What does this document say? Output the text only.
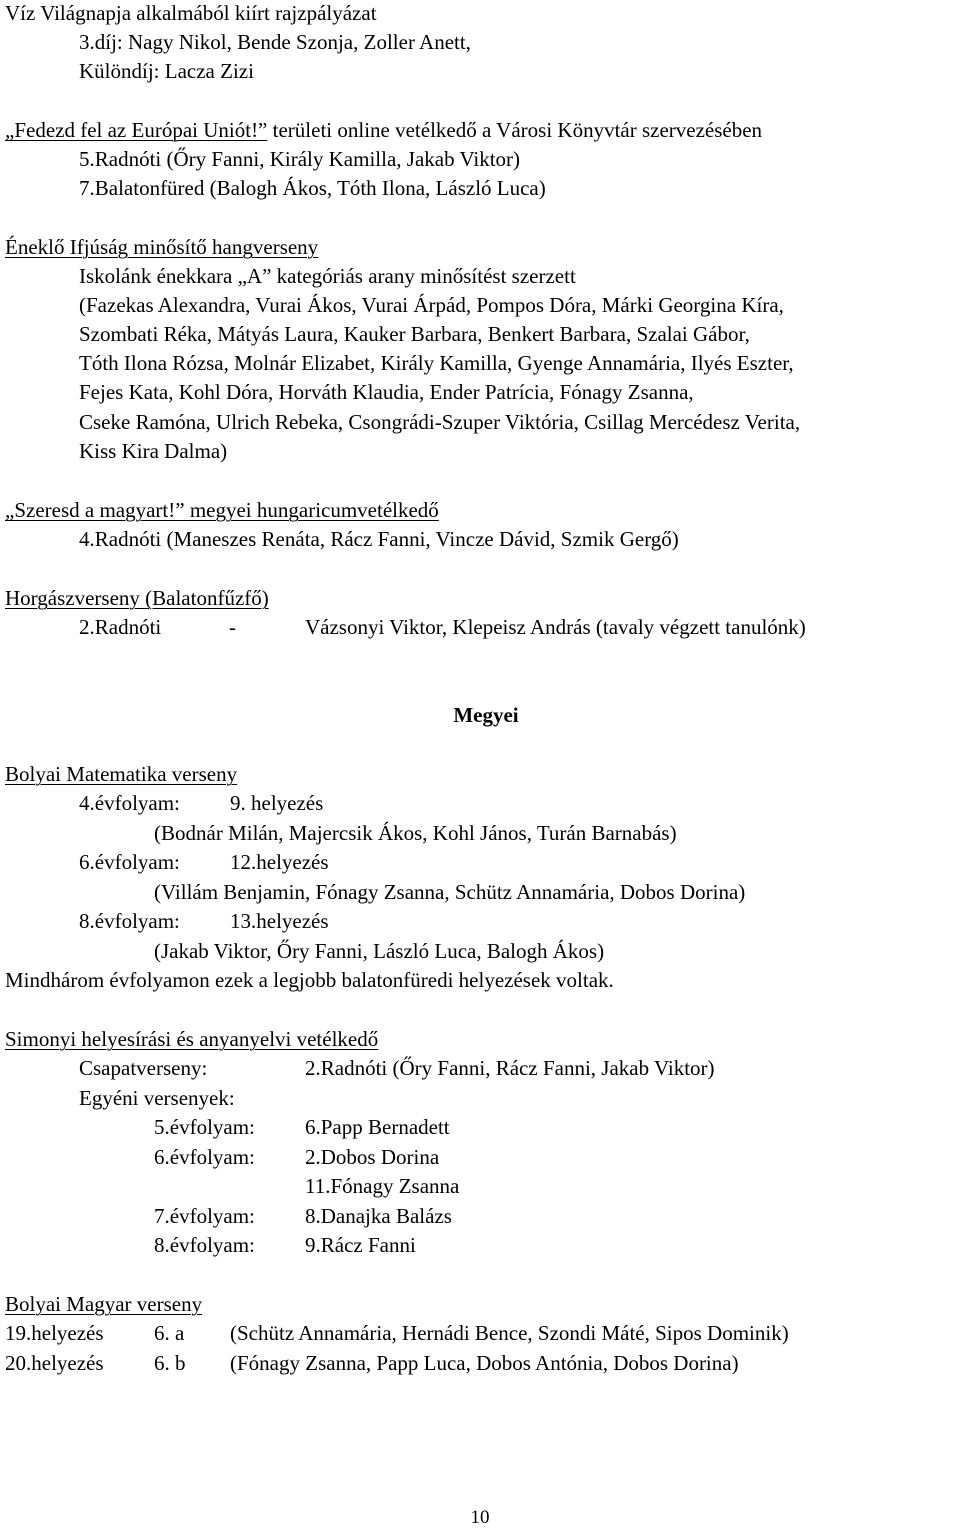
Víz Világnapja alkalmából kiírt rajzpályázat
3.díj: Nagy Nikol, Bende Szonja, Zoller Anett,
Különdíj: Lacza Zizi
„Fedezd fel az Európai Uniót!” területi online vetélkedő a Városi Könyvtár szervezésében
5.Radnóti (Őry Fanni, Király Kamilla, Jakab Viktor)
7.Balatonfüred (Balogh Ákos, Tóth Ilona, László Luca)
Éneklő Ifjúság minősítő hangverseny
Iskolánk énekkara „A” kategóriás arany minősítést szerzett
(Fazekas Alexandra, Vurai Ákos, Vurai Árpád, Pompos Dóra, Márki Georgina Kíra,
Szombati Réka, Mátyás Laura, Kauker Barbara, Benkert Barbara, Szalai Gábor,
Tóth Ilona Rózsa, Molnár Elizabet, Király Kamilla, Gyenge Annamária, Ilyés Eszter,
Fejes Kata, Kohl Dóra, Horváth Klaudia, Ender Patrícia, Fónagy Zsanna,
Cseke Ramóna, Ulrich Rebeka, Csongrádi-Szuper Viktória, Csillag Mercédesz Verita,
Kiss Kira Dalma)
„Szeresd a magyart!” megyei hungaricumvetélkedő
4.Radnóti (Maneszes Renáta, Rácz Fanni, Vincze Dávid, Szmik Gergő)
Horgászverseny (Balatonfűzfő)
2.Radnóti	-	Vázsonyi Viktor, Klepeisz András (tavaly végzett tanulónk)
Megyei
Bolyai Matematika verseny
4.évfolyam: 9. helyezés
(Bodnár Milán, Majercsik Ákos, Kohl János, Turán Barnabás)
6.évfolyam: 12.helyezés
(Villám Benjamin, Fónagy Zsanna, Schütz Annamária, Dobos Dorina)
8.évfolyam: 13.helyezés
(Jakab Viktor, Őry Fanni, László Luca, Balogh Ákos)
Mindhárom évfolyamon ezek a legjobb balatonfüredi helyezések voltak.
Simonyi helyesírási és anyanyelvi vetélkedő
Csapatverseny:	2.Radnóti (Őry Fanni, Rácz Fanni, Jakab Viktor)
Egyéni versenyek:
5.évfolyam: 6.Papp Bernadett
6.évfolyam: 2.Dobos Dorina
11.Fónagy Zsanna
7.évfolyam: 8.Danajka Balázs
8.évfolyam: 9.Rácz Fanni
Bolyai Magyar verseny
19.helyezés 6. a (Schütz Annamária, Hernádi Bence, Szondi Máté, Sipos Dominik)
20.helyezés 6. b (Fónagy Zsanna, Papp Luca, Dobos Antónia, Dobos Dorina)
10
